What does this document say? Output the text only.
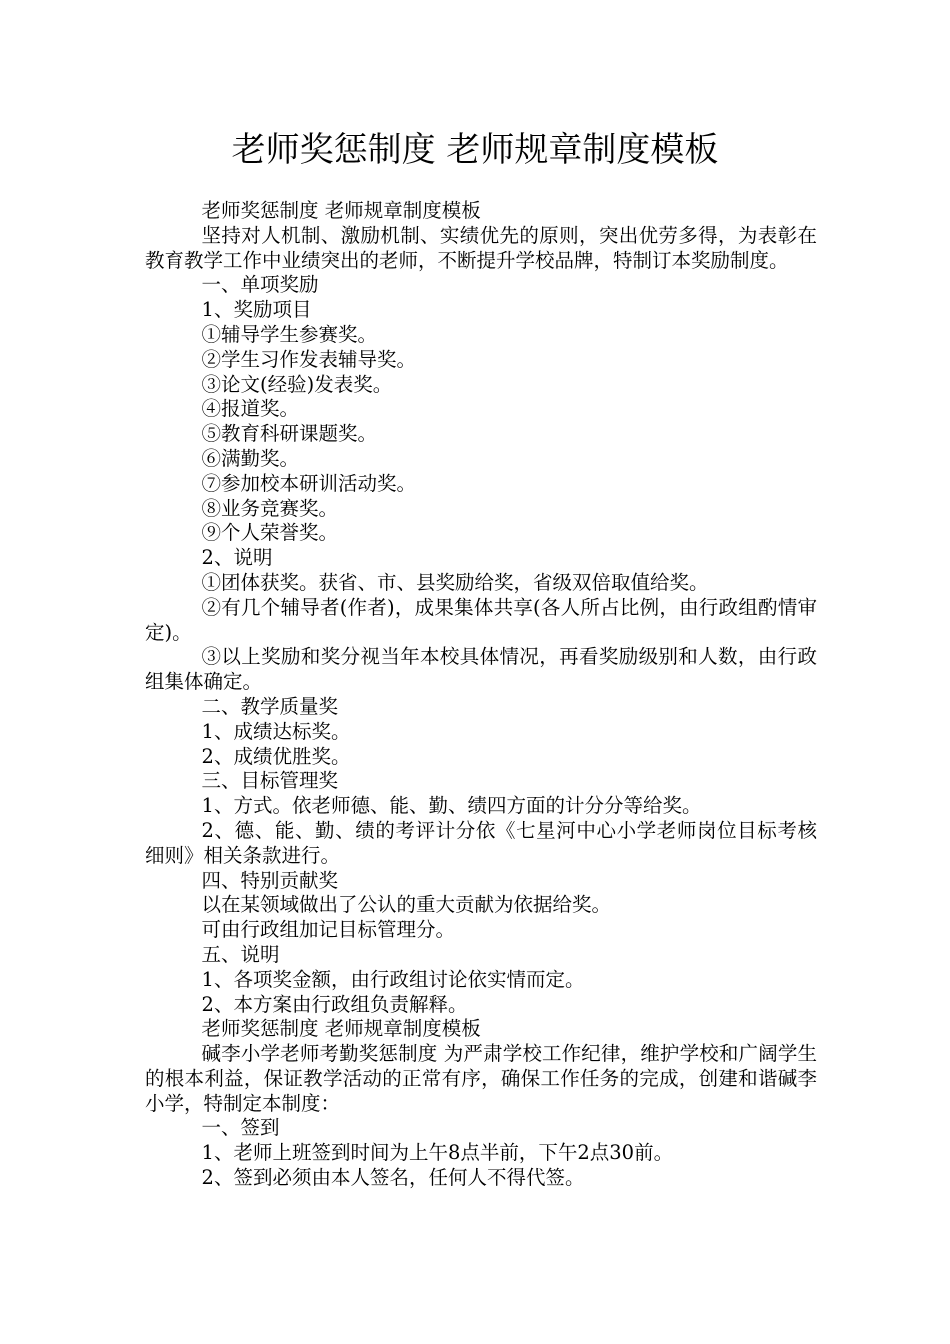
老师奖惩制度 老师规章制度模板

老师奖惩制度 老师规章制度模板

坚持对人机制、激励机制、实绩优先的原则，突出优劳多得，为表彰在教育教学工作中业绩突出的老师，不断提升学校品牌，特制订本奖励制度。

一、单项奖励

1、奖励项目

①辅导学生参赛奖。

②学生习作发表辅导奖。

③论文(经验)发表奖。

④报道奖。

⑤教育科研课题奖。

⑥满勤奖。

⑦参加校本研训活动奖。

⑧业务竞赛奖。

⑨个人荣誉奖。

2、说明

①团体获奖。获省、市、县奖励给奖，省级双倍取值给奖。

②有几个辅导者(作者)，成果集体共享(各人所占比例，由行政组酌情审定)。

③以上奖励和奖分视当年本校具体情况，再看奖励级别和人数，由行政组集体确定。

二、教学质量奖

1、成绩达标奖。

2、成绩优胜奖。

三、目标管理奖

1、方式。依老师德、能、勤、绩四方面的计分分等给奖。

2、德、能、勤、绩的考评计分依《七星河中心小学老师岗位目标考核细则》相关条款进行。

四、特别贡献奖

以在某领域做出了公认的重大贡献为依据给奖。

可由行政组加记目标管理分。

五、说明

1、各项奖金额，由行政组讨论依实情而定。

2、本方案由行政组负责解释。

老师奖惩制度 老师规章制度模板

碱李小学老师考勤奖惩制度 为严肃学校工作纪律，维护学校和广阔学生的根本利益，保证教学活动的正常有序，确保工作任务的完成，创建和谐碱李小学，特制定本制度：

一、签到

1、老师上班签到时间为上午8点半前，下午2点30前。

2、签到必须由本人签名，任何人不得代签。
